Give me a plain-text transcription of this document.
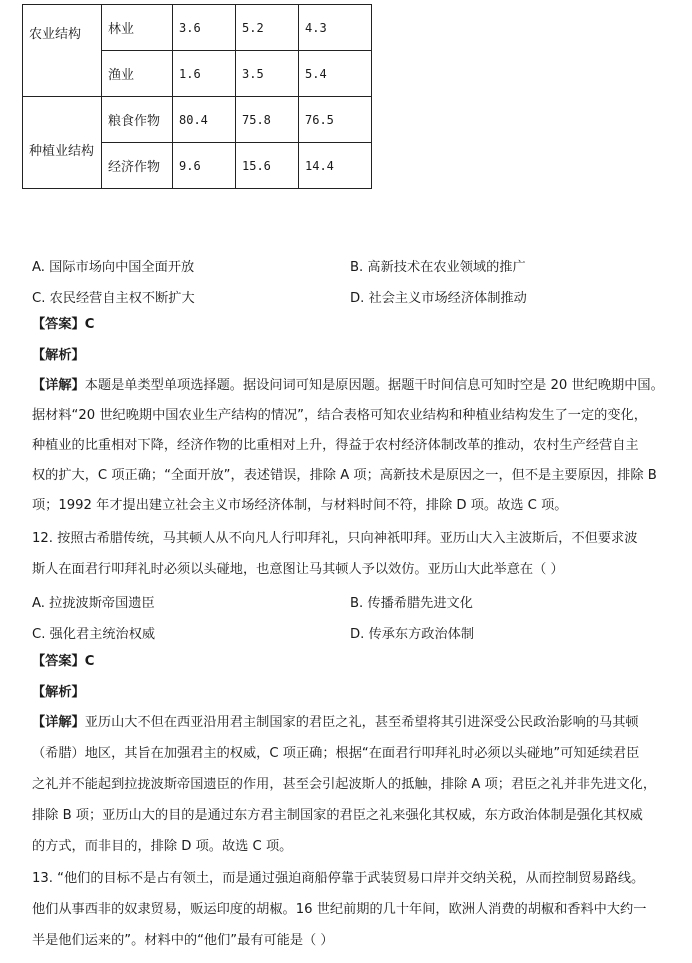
农业结构	林业	3.6	5.2	4.3
	渔业	1.6	3.5	5.4
种植业结构	粮食作物	80.4	75.8	76.5
	经济作物	9.6	15.6	14.4
A. 国际市场向中国全面开放	B. 高新技术在农业领域的推广
C. 农民经营自主权不断扩大	D. 社会主义市场经济体制推动
【答案】C
【解析】
【详解】本题是单类型单项选择题。据设问词可知是原因题。据题干时间信息可知时空是 20 世纪晚期中国。
据材料“20 世纪晚期中国农业生产结构的情况”，结合表格可知农业结构和种植业结构发生了一定的变化，
种植业的比重相对下降，经济作物的比重相对上升，得益于农村经济体制改革的推动，农村生产经营自主
权的扩大，C 项正确；“全面开放”，表述错误，排除 A 项；高新技术是原因之一，但不是主要原因，排除 B
项；1992 年才提出建立社会主义市场经济体制，与材料时间不符，排除 D 项。故选 C 项。
12. 按照古希腊传统，马其顿人从不向凡人行叩拜礼，只向神祇叩拜。亚历山大入主波斯后，不但要求波
斯人在面君行叩拜礼时必须以头碰地，也意图让马其顿人予以效仿。亚历山大此举意在（ ）
A. 拉拢波斯帝国遗臣	B. 传播希腊先进文化
C. 强化君主统治权威	D. 传承东方政治体制
【答案】C
【解析】
【详解】亚历山大不但在西亚沿用君主制国家的君臣之礼，甚至希望将其引进深受公民政治影响的马其顿
（希腊）地区，其旨在加强君主的权威，C 项正确；根据“在面君行叩拜礼时必须以头碰地”可知延续君臣
之礼并不能起到拉拢波斯帝国遗臣的作用，甚至会引起波斯人的抵触，排除 A 项；君臣之礼并非先进文化，
排除 B 项；亚历山大的目的是通过东方君主制国家的君臣之礼来强化其权威，东方政治体制是强化其权威
的方式，而非目的，排除 D 项。故选 C 项。
13. “他们的目标不是占有领土，而是通过强迫商船停靠于武装贸易口岸并交纳关税，从而控制贸易路线。
他们从事西非的奴隶贸易，贩运印度的胡椒。16 世纪前期的几十年间，欧洲人消费的胡椒和香料中大约一
半是他们运来的”。材料中的“他们”最有可能是（ ）
